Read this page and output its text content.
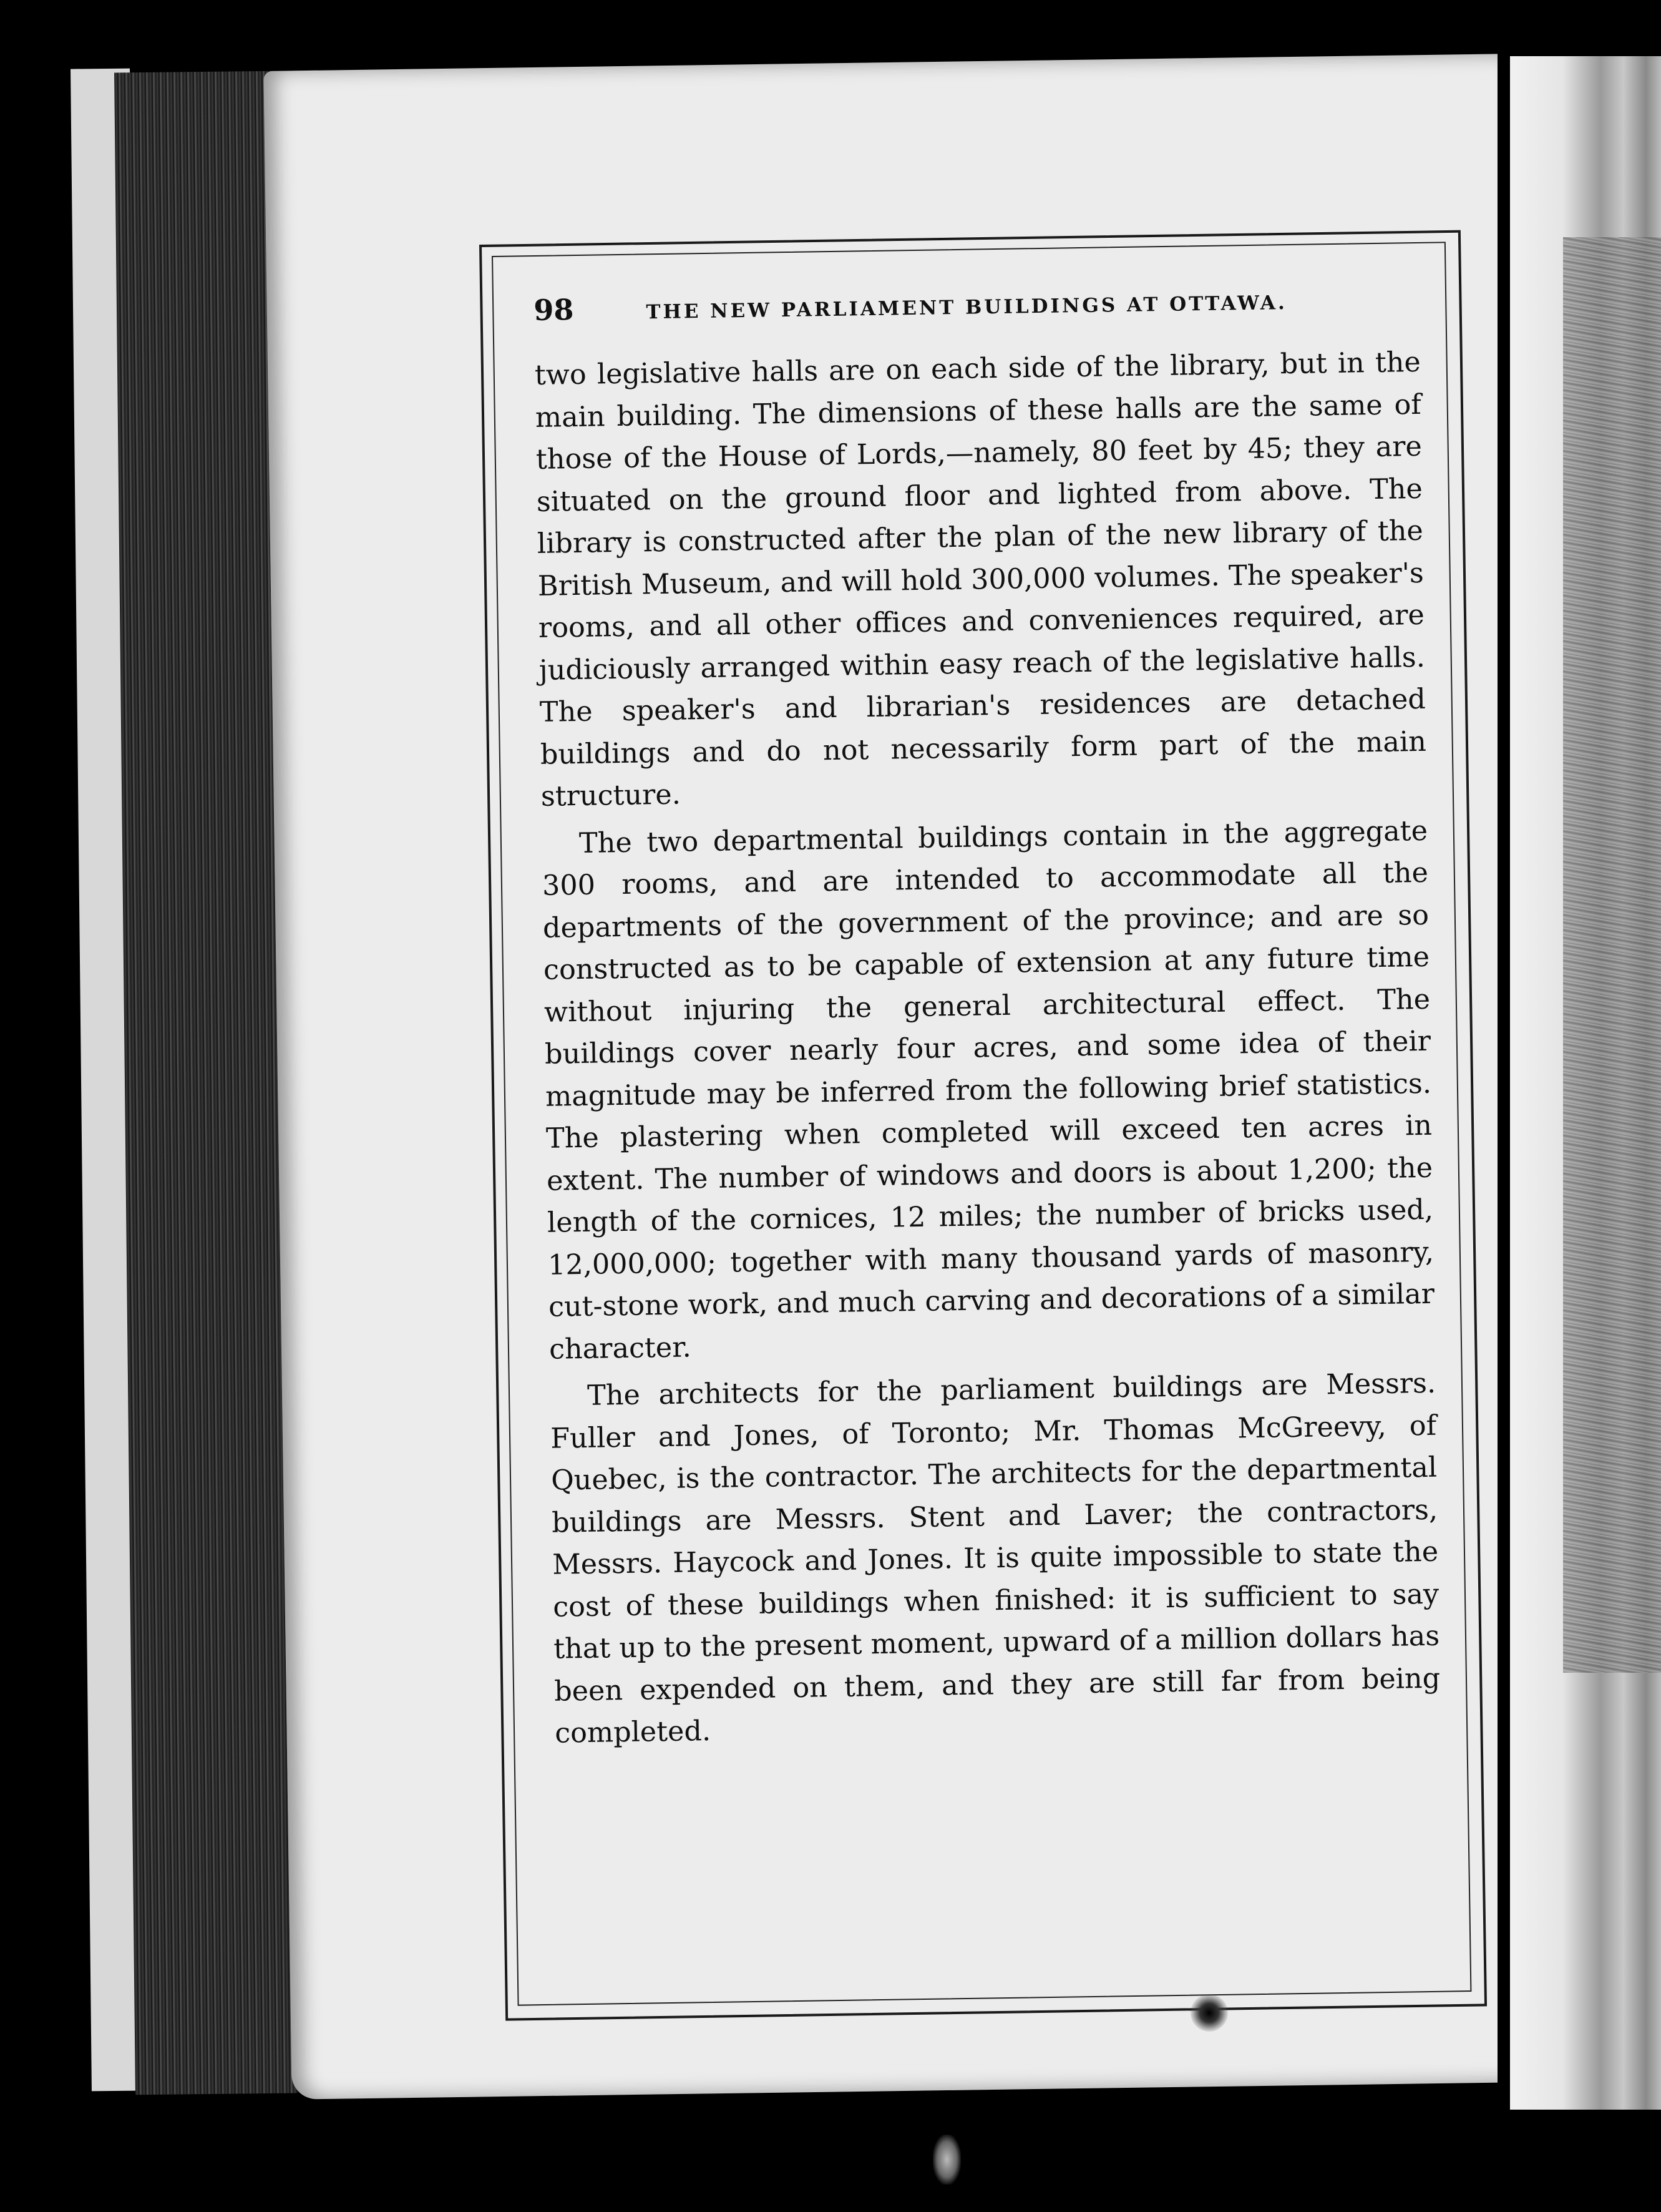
98	THE NEW PARLIAMENT BUILDINGS AT OTTAWA.

two legislative halls are on each side of the library, but in the main building. The dimensions of these halls are the same of those of the House of Lords,—namely, 80 feet by 45; they are situated on the ground floor and lighted from above. The library is constructed after the plan of the new library of the British Museum, and will hold 300,000 volumes. The speaker's rooms, and all other offices and conveniences required, are judiciously arranged within easy reach of the legislative halls. The speaker's and librarian's residences are detached buildings and do not necessarily form part of the main structure.

The two departmental buildings contain in the aggregate 300 rooms, and are intended to accommodate all the departments of the government of the province; and are so constructed as to be capable of extension at any future time without injuring the general architectural effect. The buildings cover nearly four acres, and some idea of their magnitude may be inferred from the following brief statistics. The plastering when completed will exceed ten acres in extent. The number of windows and doors is about 1,200; the length of the cornices, 12 miles; the number of bricks used, 12,000,000; together with many thousand yards of masonry, cut-stone work, and much carving and decorations of a similar character.

The architects for the parliament buildings are Messrs. Fuller and Jones, of Toronto; Mr. Thomas McGreevy, of Quebec, is the contractor. The architects for the departmental buildings are Messrs. Stent and Laver; the contractors, Messrs. Haycock and Jones. It is quite impossible to state the cost of these buildings when finished: it is sufficient to say that up to the present moment, upward of a million dollars has been expended on them, and they are still far from being completed.
